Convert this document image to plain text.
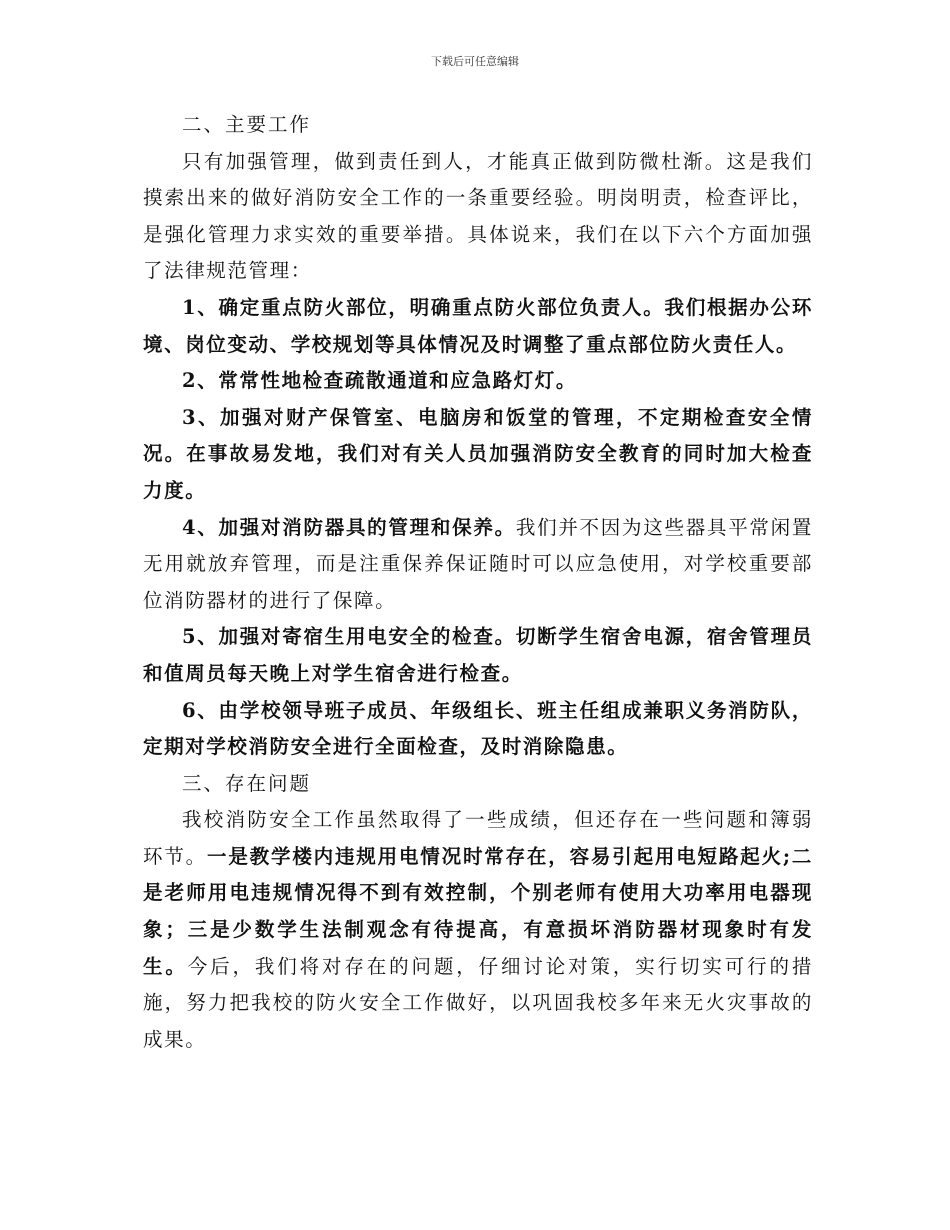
下载后可任意编辑

二、主要工作

只有加强管理，做到责任到人，才能真正做到防微杜渐。这是我们摸索出来的做好消防安全工作的一条重要经验。明岗明责，检查评比，是强化管理力求实效的重要举措。具体说来，我们在以下六个方面加强了法律规范管理：

1、确定重点防火部位，明确重点防火部位负责人。我们根据办公环境、岗位变动、学校规划等具体情况及时调整了重点部位防火责任人。

2、常常性地检查疏散通道和应急路灯灯。

3、加强对财产保管室、电脑房和饭堂的管理，不定期检查安全情况。在事故易发地，我们对有关人员加强消防安全教育的同时加大检查力度。

4、加强对消防器具的管理和保养。我们并不因为这些器具平常闲置无用就放弃管理，而是注重保养保证随时可以应急使用，对学校重要部位消防器材的进行了保障。

5、加强对寄宿生用电安全的检查。切断学生宿舍电源，宿舍管理员和值周员每天晚上对学生宿舍进行检查。

6、由学校领导班子成员、年级组长、班主任组成兼职义务消防队，定期对学校消防安全进行全面检查，及时消除隐患。

三、存在问题

我校消防安全工作虽然取得了一些成绩，但还存在一些问题和簿弱环节。一是教学楼内违规用电情况时常存在，容易引起用电短路起火;二是老师用电违规情况得不到有效控制，个别老师有使用大功率用电器现象；三是少数学生法制观念有待提高，有意损坏消防器材现象时有发生。今后，我们将对存在的问题，仔细讨论对策，实行切实可行的措施，努力把我校的防火安全工作做好，以巩固我校多年来无火灾事故的成果。
